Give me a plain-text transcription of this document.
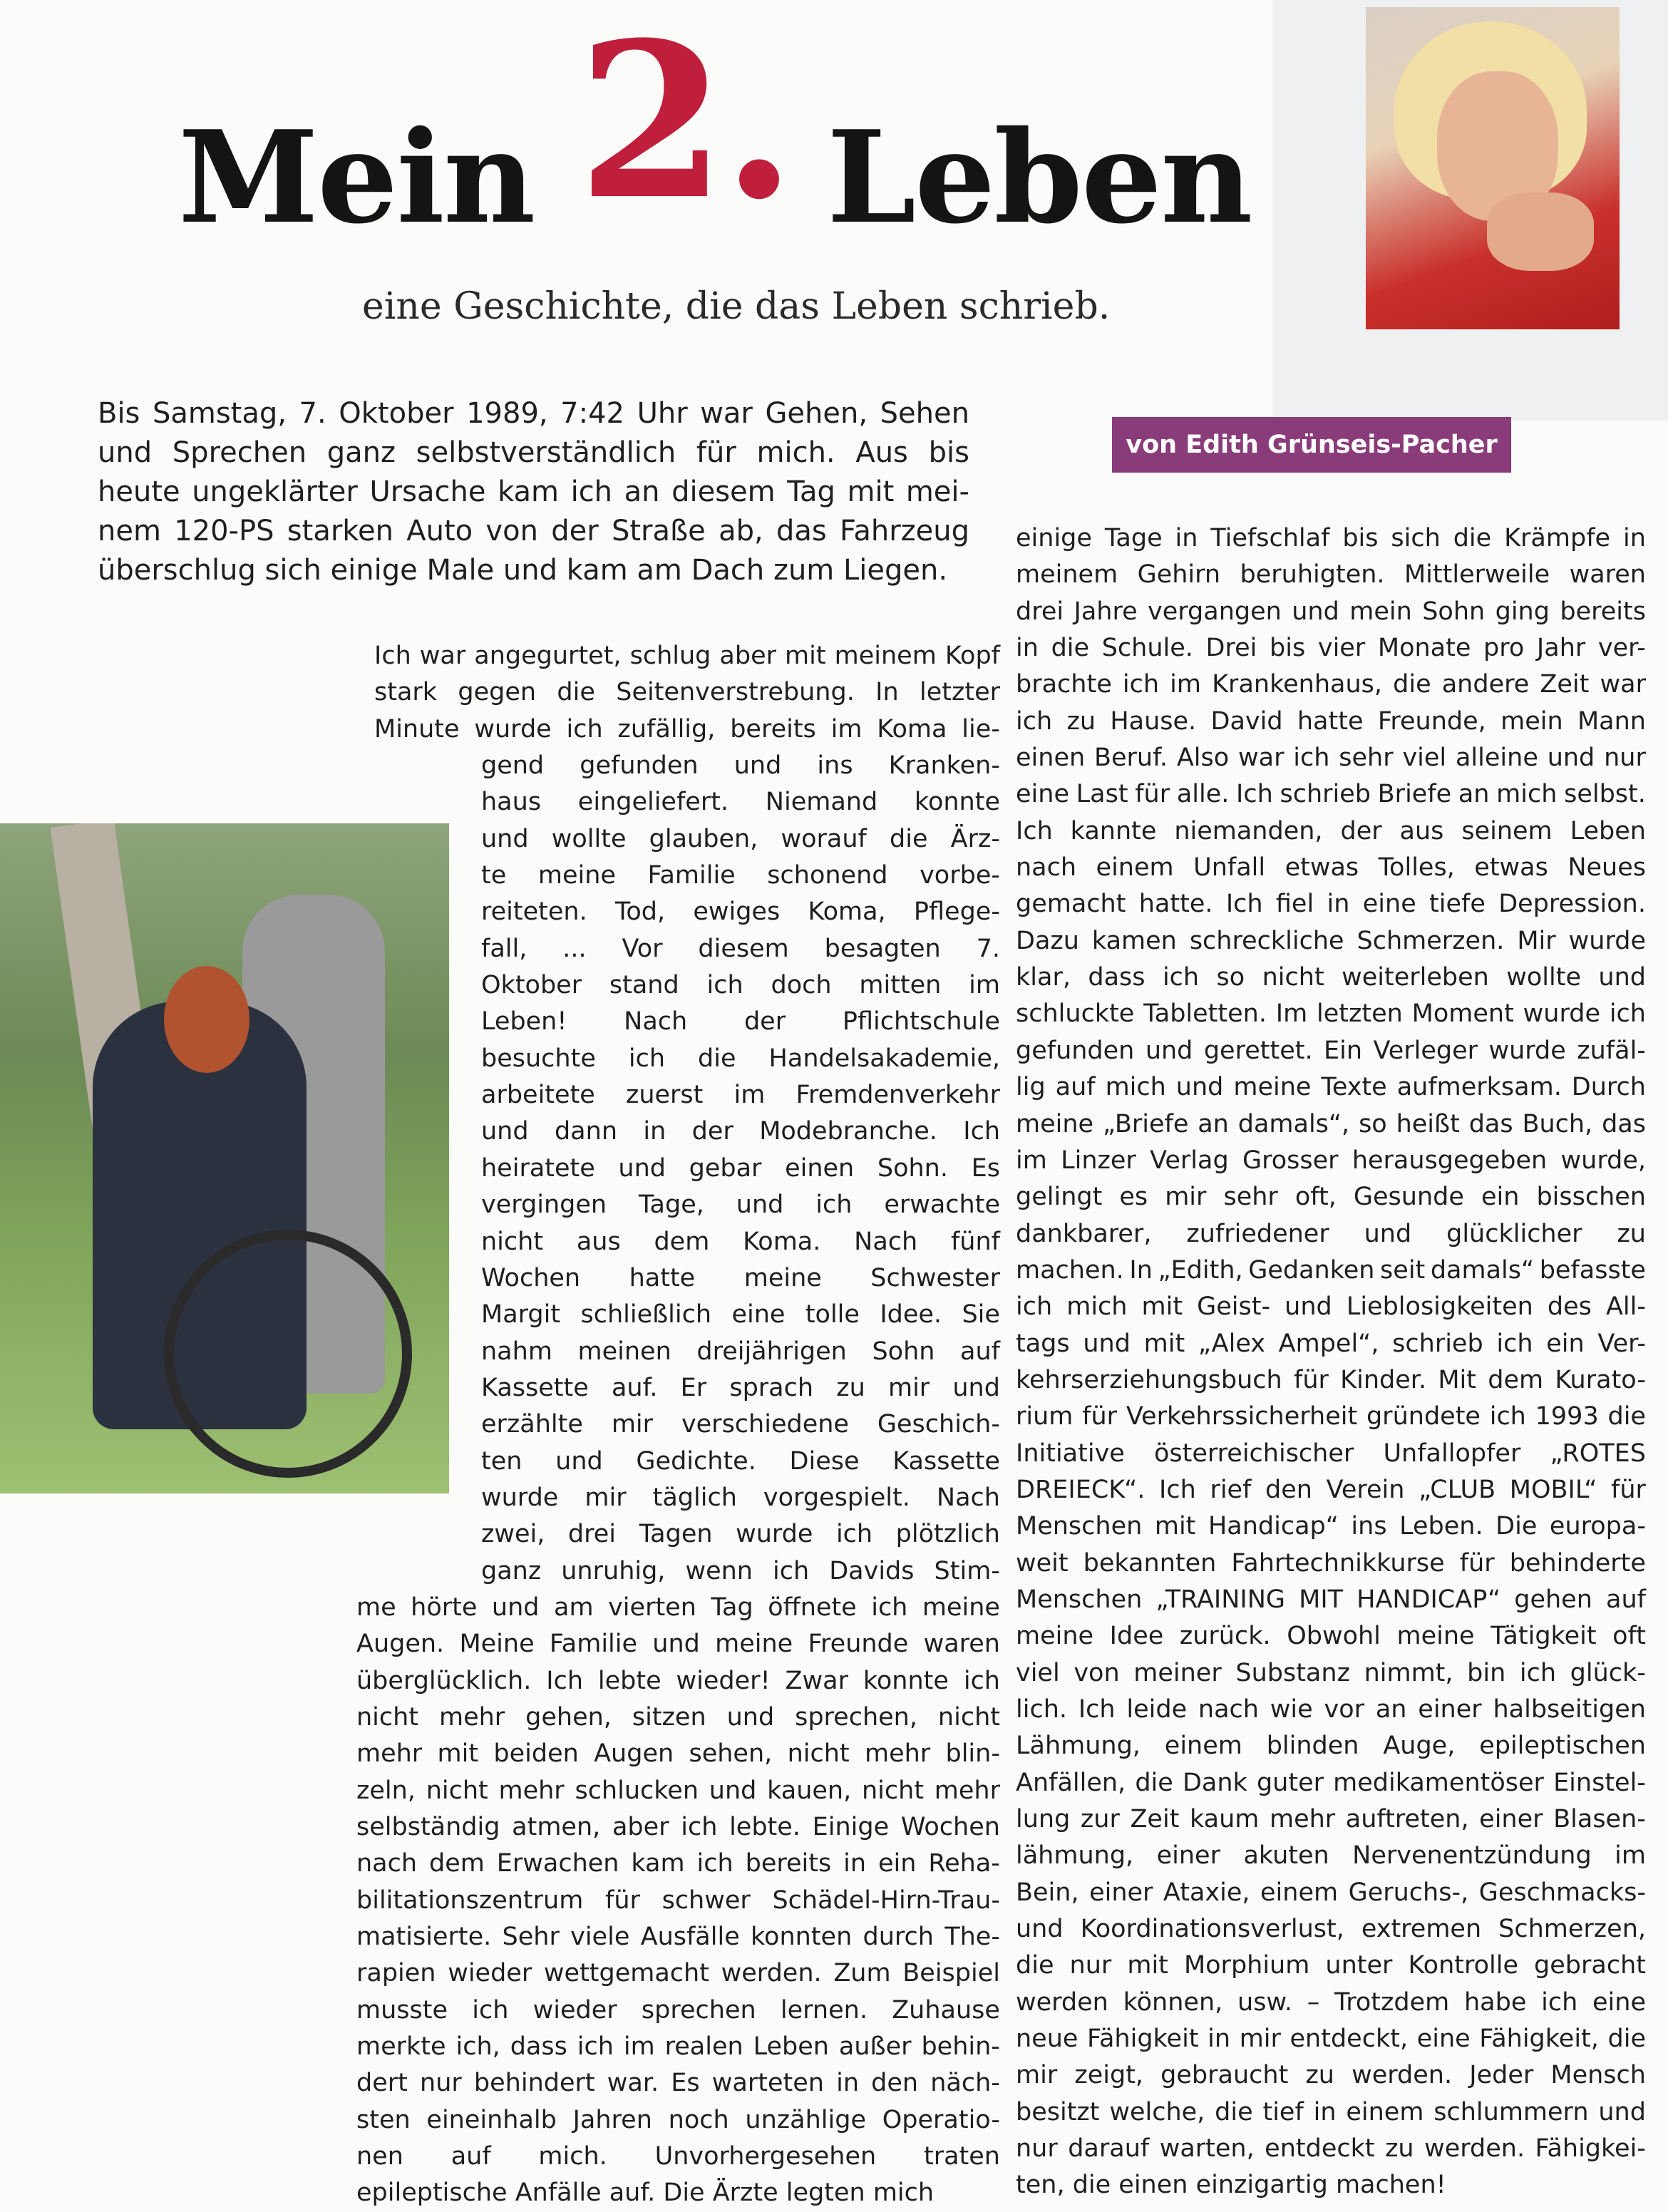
Mein 2. Leben
eine Geschichte, die das Leben schrieb.
von Edith Grünseis-Pacher
Bis Samstag, 7. Oktober 1989, 7:42 Uhr war Gehen, Sehen
und Sprechen ganz selbstverständlich für mich. Aus bis
heute ungeklärter Ursache kam ich an diesem Tag mit mei-
nem 120-PS starken Auto von der Straße ab, das Fahrzeug
überschlug sich einige Male und kam am Dach zum Liegen.
Ich war angegurtet, schlug aber mit meinem Kopf
stark gegen die Seitenverstrebung. In letzter
Minute wurde ich zufällig, bereits im Koma lie-
gend gefunden und ins Kranken-
haus eingeliefert. Niemand konnte
und wollte glauben, worauf die Ärz-
te meine Familie schonend vorbe-
reiteten. Tod, ewiges Koma, Pflege-
fall, ... Vor diesem besagten 7.
Oktober stand ich doch mitten im
Leben! Nach der Pflichtschule
besuchte ich die Handelsakademie,
arbeitete zuerst im Fremdenverkehr
und dann in der Modebranche. Ich
heiratete und gebar einen Sohn. Es
vergingen Tage, und ich erwachte
nicht aus dem Koma. Nach fünf
Wochen hatte meine Schwester
Margit schließlich eine tolle Idee. Sie
nahm meinen dreijährigen Sohn auf
Kassette auf. Er sprach zu mir und
erzählte mir verschiedene Geschich-
ten und Gedichte. Diese Kassette
wurde mir täglich vorgespielt. Nach
zwei, drei Tagen wurde ich plötzlich
ganz unruhig, wenn ich Davids Stim-
me hörte und am vierten Tag öffnete ich meine
Augen. Meine Familie und meine Freunde waren
überglücklich. Ich lebte wieder! Zwar konnte ich
nicht mehr gehen, sitzen und sprechen, nicht
mehr mit beiden Augen sehen, nicht mehr blin-
zeln, nicht mehr schlucken und kauen, nicht mehr
selbständig atmen, aber ich lebte. Einige Wochen
nach dem Erwachen kam ich bereits in ein Reha-
bilitationszentrum für schwer Schädel-Hirn-Trau-
matisierte. Sehr viele Ausfälle konnten durch The-
rapien wieder wettgemacht werden. Zum Beispiel
musste ich wieder sprechen lernen. Zuhause
merkte ich, dass ich im realen Leben außer behin-
dert nur behindert war. Es warteten in den näch-
sten eineinhalb Jahren noch unzählige Operatio-
nen auf mich. Unvorhergesehen traten
epileptische Anfälle auf. Die Ärzte legten mich
einige Tage in Tiefschlaf bis sich die Krämpfe in
meinem Gehirn beruhigten. Mittlerweile waren
drei Jahre vergangen und mein Sohn ging bereits
in die Schule. Drei bis vier Monate pro Jahr ver-
brachte ich im Krankenhaus, die andere Zeit war
ich zu Hause. David hatte Freunde, mein Mann
einen Beruf. Also war ich sehr viel alleine und nur
eine Last für alle. Ich schrieb Briefe an mich selbst.
Ich kannte niemanden, der aus seinem Leben
nach einem Unfall etwas Tolles, etwas Neues
gemacht hatte. Ich fiel in eine tiefe Depression.
Dazu kamen schreckliche Schmerzen. Mir wurde
klar, dass ich so nicht weiterleben wollte und
schluckte Tabletten. Im letzten Moment wurde ich
gefunden und gerettet. Ein Verleger wurde zufäl-
lig auf mich und meine Texte aufmerksam. Durch
meine „Briefe an damals“, so heißt das Buch, das
im Linzer Verlag Grosser herausgegeben wurde,
gelingt es mir sehr oft, Gesunde ein bisschen
dankbarer, zufriedener und glücklicher zu
machen. In „Edith, Gedanken seit damals“ befasste
ich mich mit Geist- und Lieblosigkeiten des All-
tags und mit „Alex Ampel“, schrieb ich ein Ver-
kehrserziehungsbuch für Kinder. Mit dem Kurato-
rium für Verkehrssicherheit gründete ich 1993 die
Initiative österreichischer Unfallopfer „ROTES
DREIECK“. Ich rief den Verein „CLUB MOBIL“ für
Menschen mit Handicap“ ins Leben. Die europa-
weit bekannten Fahrtechnikkurse für behinderte
Menschen „TRAINING MIT HANDICAP“ gehen auf
meine Idee zurück. Obwohl meine Tätigkeit oft
viel von meiner Substanz nimmt, bin ich glück-
lich. Ich leide nach wie vor an einer halbseitigen
Lähmung, einem blinden Auge, epileptischen
Anfällen, die Dank guter medikamentöser Einstel-
lung zur Zeit kaum mehr auftreten, einer Blasen-
lähmung, einer akuten Nervenentzündung im
Bein, einer Ataxie, einem Geruchs-, Geschmacks-
und Koordinationsverlust, extremen Schmerzen,
die nur mit Morphium unter Kontrolle gebracht
werden können, usw. – Trotzdem habe ich eine
neue Fähigkeit in mir entdeckt, eine Fähigkeit, die
mir zeigt, gebraucht zu werden. Jeder Mensch
besitzt welche, die tief in einem schlummern und
nur darauf warten, entdeckt zu werden. Fähigkei-
ten, die einen einzigartig machen!
